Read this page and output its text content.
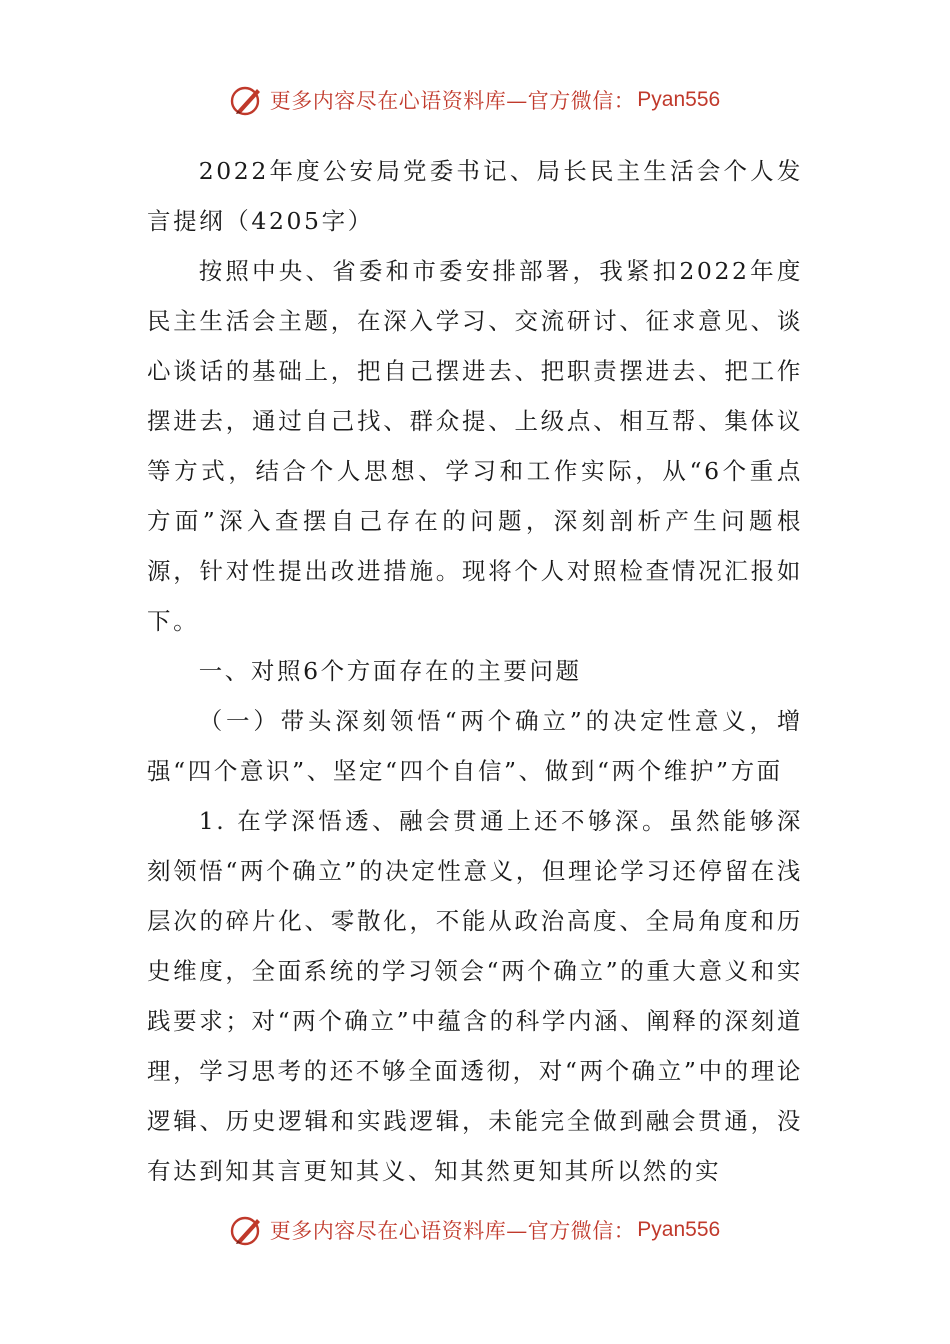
更多内容尽在心语资料库—官方微信： Pyan556

2022年度公安局党委书记、局长民主生活会个人发言提纲（4205字）

按照中央、省委和市委安排部署，我紧扣2022年度民主生活会主题，在深入学习、交流研讨、征求意见、谈心谈话的基础上，把自己摆进去、把职责摆进去、把工作摆进去，通过自己找、群众提、上级点、相互帮、集体议等方式，结合个人思想、学习和工作实际，从“6个重点方面”深入查摆自己存在的问题，深刻剖析产生问题根源，针对性提出改进措施。现将个人对照检查情况汇报如下。

一、对照6个方面存在的主要问题

（一）带头深刻领悟“两个确立”的决定性意义，增强“四个意识”、坚定“四个自信”、做到“两个维护”方面

1. 在学深悟透、融会贯通上还不够深。虽然能够深刻领悟“两个确立”的决定性意义，但理论学习还停留在浅层次的碎片化、零散化，不能从政治高度、全局角度和历史维度，全面系统的学习领会“两个确立”的重大意义和实践要求；对“两个确立”中蕴含的科学内涵、阐释的深刻道理，学习思考的还不够全面透彻，对“两个确立”中的理论逻辑、历史逻辑和实践逻辑，未能完全做到融会贯通，没有达到知其言更知其义、知其然更知其所以然的实

更多内容尽在心语资料库—官方微信： Pyan556
